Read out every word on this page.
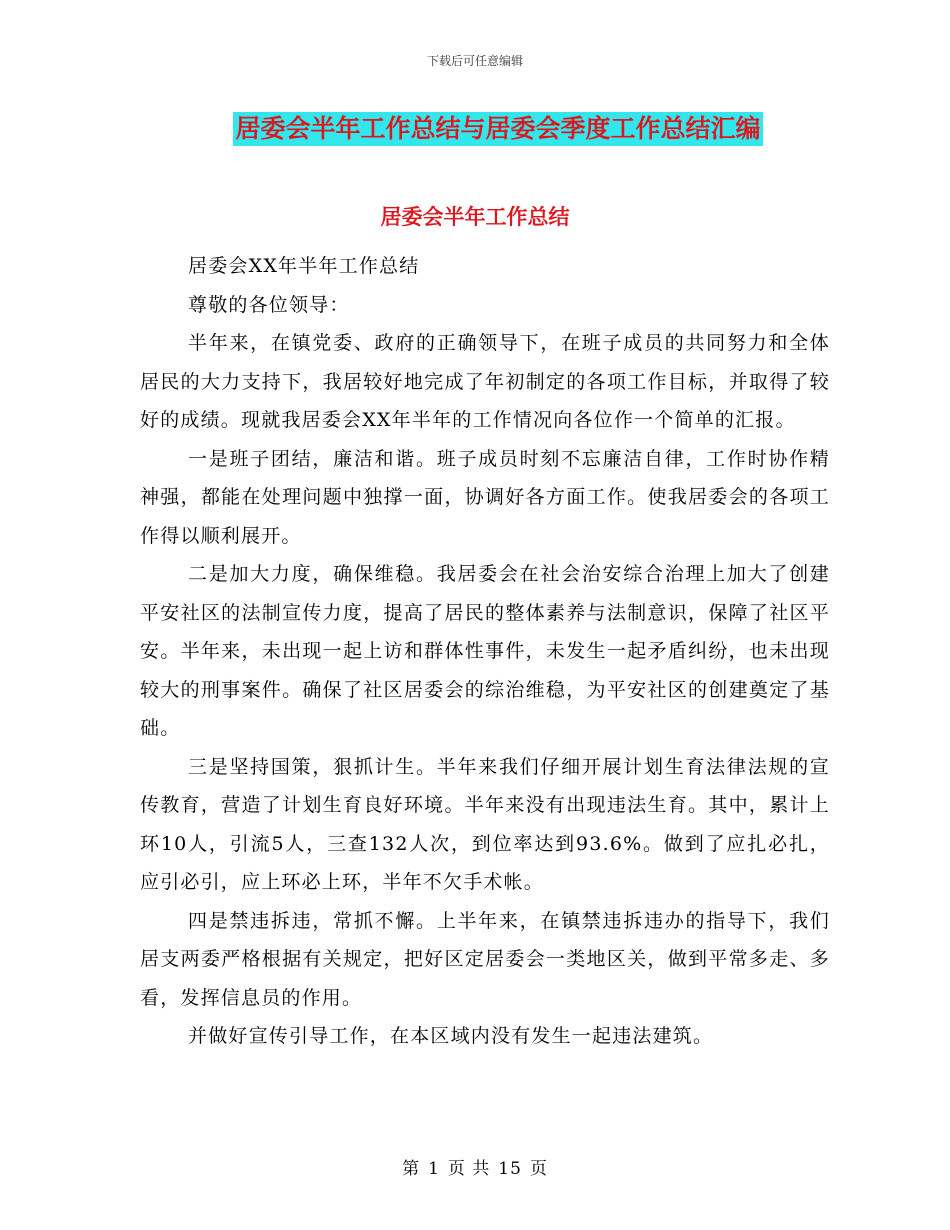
下载后可任意编辑
居委会半年工作总结与居委会季度工作总结汇编
居委会半年工作总结

居委会XX年半年工作总结

尊敬的各位领导：

半年来，在镇党委、政府的正确领导下，在班子成员的共同努力和全体居民的大力支持下，我居较好地完成了年初制定的各项工作目标，并取得了较好的成绩。现就我居委会XX年半年的工作情况向各位作一个简单的汇报。

一是班子团结，廉洁和谐。班子成员时刻不忘廉洁自律，工作时协作精神强，都能在处理问题中独撑一面，协调好各方面工作。使我居委会的各项工作得以顺利展开。

二是加大力度，确保维稳。我居委会在社会治安综合治理上加大了创建平安社区的法制宣传力度，提高了居民的整体素养与法制意识，保障了社区平安。半年来，未出现一起上访和群体性事件，未发生一起矛盾纠纷，也未出现较大的刑事案件。确保了社区居委会的综治维稳，为平安社区的创建奠定了基础。

三是坚持国策，狠抓计生。半年来我们仔细开展计划生育法律法规的宣传教育，营造了计划生育良好环境。半年来没有出现违法生育。其中，累计上环10人，引流5人，三查132人次，到位率达到93.6%。做到了应扎必扎，应引必引，应上环必上环，半年不欠手术帐。

四是禁违拆违，常抓不懈。上半年来，在镇禁违拆违办的指导下，我们居支两委严格根据有关规定，把好区定居委会一类地区关，做到平常多走、多看，发挥信息员的作用。

并做好宣传引导工作，在本区域内没有发生一起违法建筑。

第 1 页 共 15 页
